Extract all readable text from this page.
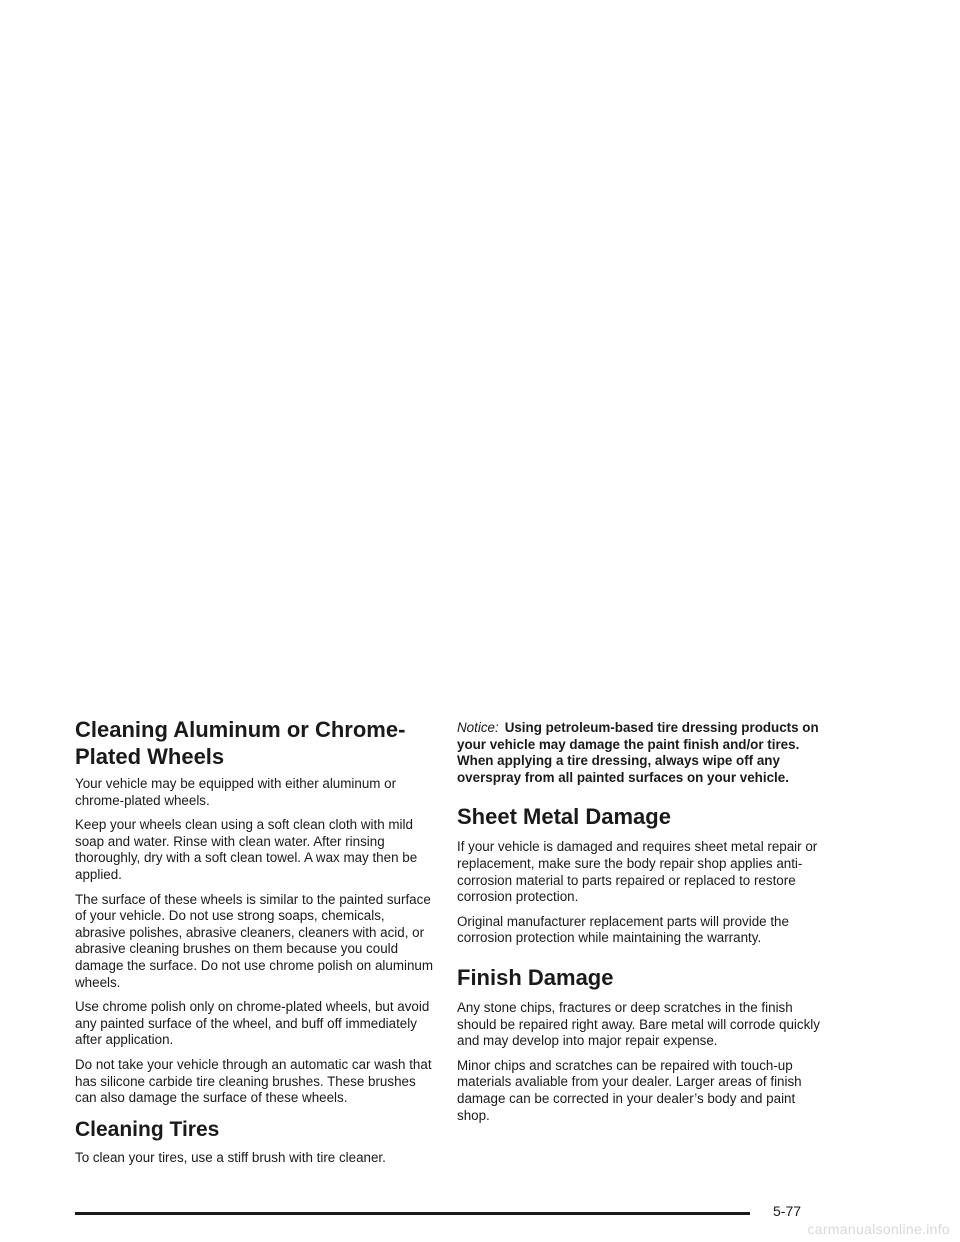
Cleaning Aluminum or Chrome-Plated Wheels

Your vehicle may be equipped with either aluminum or chrome-plated wheels.

Keep your wheels clean using a soft clean cloth with mild soap and water. Rinse with clean water. After rinsing thoroughly, dry with a soft clean towel. A wax may then be applied.

The surface of these wheels is similar to the painted surface of your vehicle. Do not use strong soaps, chemicals, abrasive polishes, abrasive cleaners, cleaners with acid, or abrasive cleaning brushes on them because you could damage the surface. Do not use chrome polish on aluminum wheels.

Use chrome polish only on chrome-plated wheels, but avoid any painted surface of the wheel, and buff off immediately after application.

Do not take your vehicle through an automatic car wash that has silicone carbide tire cleaning brushes. These brushes can also damage the surface of these wheels.

Cleaning Tires

To clean your tires, use a stiff brush with tire cleaner.

Notice: Using petroleum-based tire dressing products on your vehicle may damage the paint finish and/or tires. When applying a tire dressing, always wipe off any overspray from all painted surfaces on your vehicle.

Sheet Metal Damage

If your vehicle is damaged and requires sheet metal repair or replacement, make sure the body repair shop applies anti-corrosion material to parts repaired or replaced to restore corrosion protection.

Original manufacturer replacement parts will provide the corrosion protection while maintaining the warranty.

Finish Damage

Any stone chips, fractures or deep scratches in the finish should be repaired right away. Bare metal will corrode quickly and may develop into major repair expense.

Minor chips and scratches can be repaired with touch-up materials avaliable from your dealer. Larger areas of finish damage can be corrected in your dealer’s body and paint shop.

5-77
carmanualsonline.info
